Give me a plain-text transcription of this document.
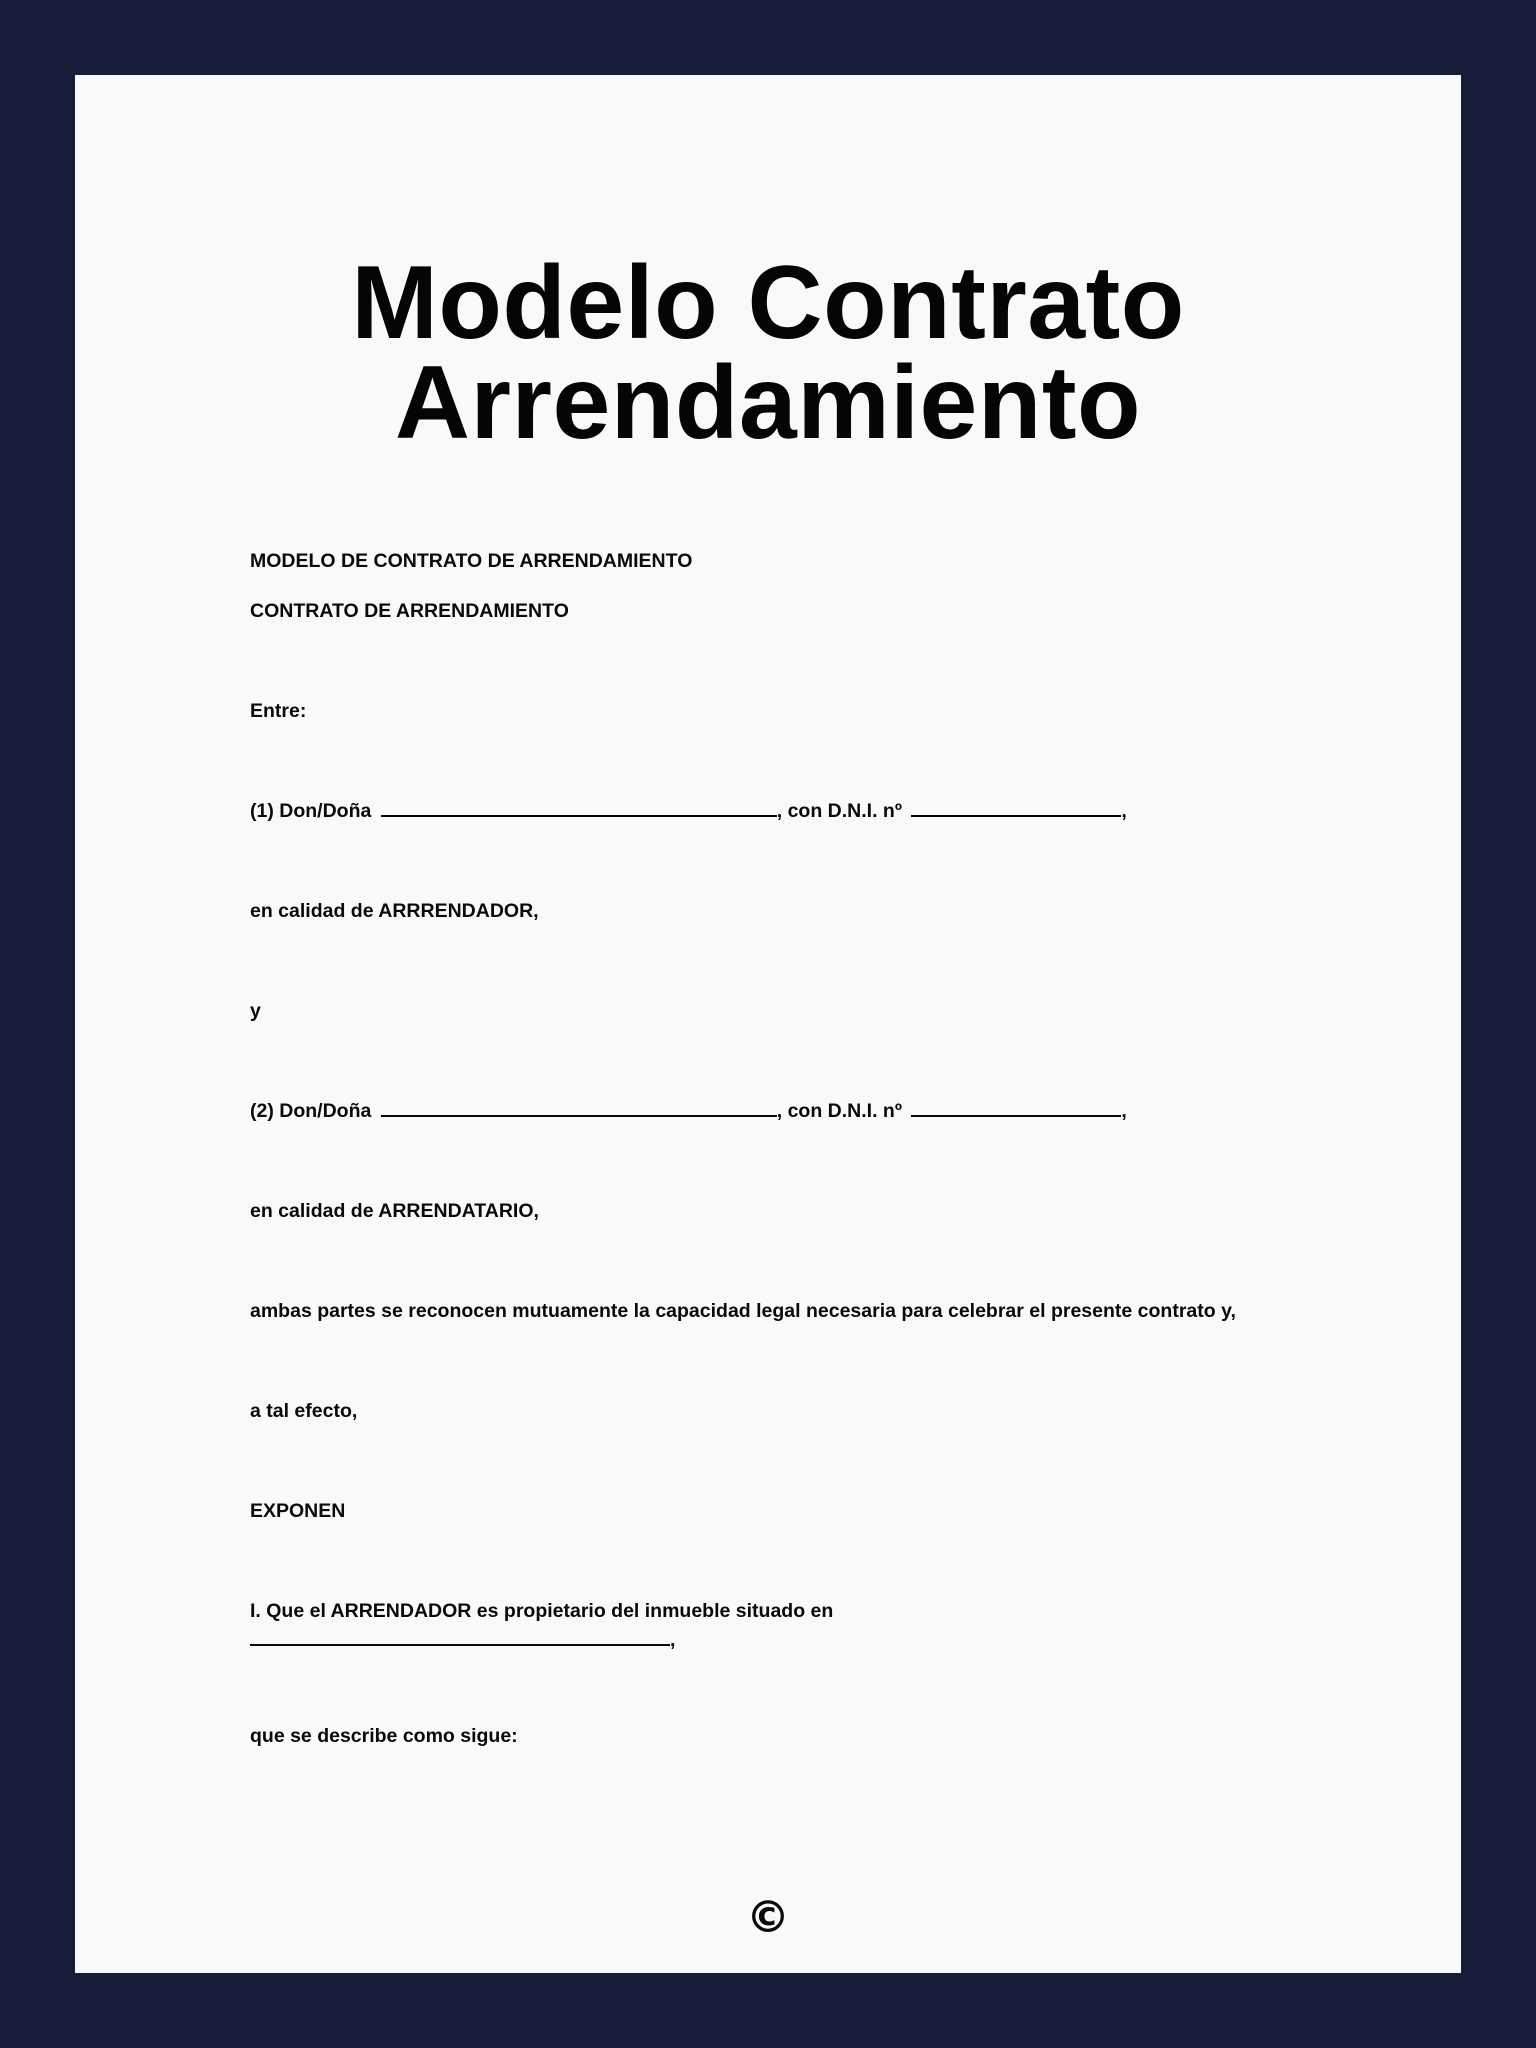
Modelo Contrato
Arrendamiento

MODELO DE CONTRATO DE ARRENDAMIENTO

CONTRATO DE ARRENDAMIENTO

Entre:

(1) Don/Doña	, con D.N.I. nº	,

en calidad de ARRRENDADOR,

y

(2) Don/Doña	, con D.N.I. nº	,

en calidad de ARRENDATARIO,

ambas partes se reconocen mutuamente la capacidad legal necesaria para celebrar el presente contrato y,

a tal efecto,

EXPONEN

I. Que el ARRENDADOR es propietario del inmueble situado en

,

que se describe como sigue:

©
